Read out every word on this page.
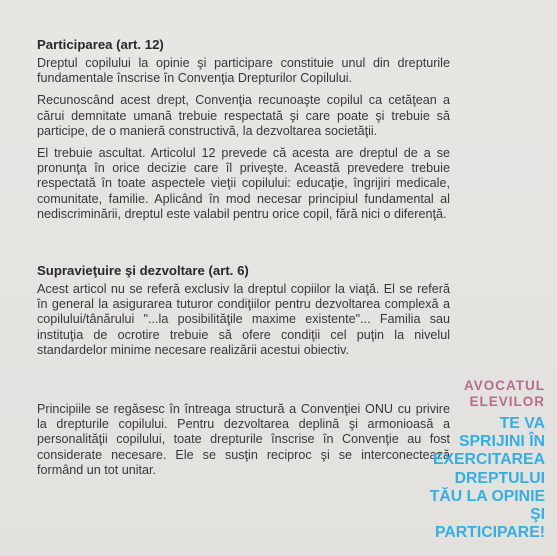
Participarea (art. 12)

Dreptul copilului la opinie şi participare constituie unul din drepturile fundamentale înscrise în Convenţia Drepturilor Copilului.

Recunoscând acest drept, Convenţia recunoaşte copilul ca cetăţean a cărui demnitate umană trebuie respectată şi care poate şi trebuie să participe, de o manieră constructivă, la dezvoltarea societăţii.

El trebuie ascultat. Articolul 12 prevede că acesta are dreptul de a se pronunţa în orice decizie care îl priveşte. Această prevedere trebuie respectată în toate aspectele vieţii copilului: educaţie, îngrijiri medicale, comunitate, familie. Aplicând în mod necesar principiul fundamental al nediscriminării, dreptul este valabil pentru orice copil, fără nici o diferenţă.

Supravieţuire şi dezvoltare (art. 6)

Acest articol nu se referă exclusiv la dreptul copiilor la viaţă. El se referă în general la asigurarea tuturor condiţiilor pentru dezvoltarea complexă a copilului/tânărului "...la posibilităţile maxime existente"... Familia sau instituţia de ocrotire trebuie să ofere condiţii cel puţin la nivelul standardelor minime necesare realizării acestui obiectiv.

Principiile se regăsesc în întreaga structură a Convenţiei ONU cu privire la drepturile copilului. Pentru dezvoltarea deplină şi armonioasă a personalităţii copilului, toate drepturile înscrise în Convenţie au fost considerate necesare. Ele se susţin reciproc şi se interconectează formând un tot unitar.

AVOCATUL
ELEVILOR
TE VA
SPRIJINI ÎN
EXERCITAREA
DREPTULUI
TĂU LA OPINIE
ŞI PARTICIPARE!
